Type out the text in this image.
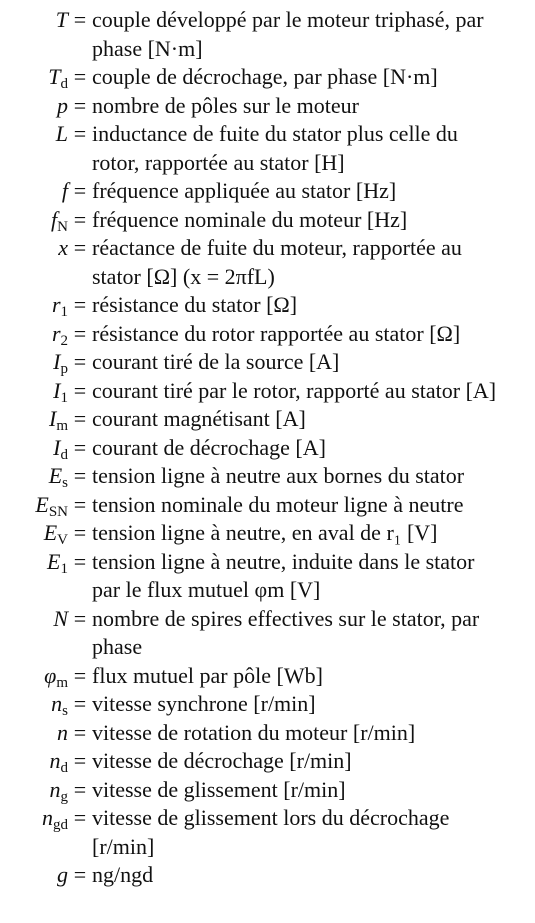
T = couple développé par le moteur triphasé, par
phase [N·m]
$T_d$ = couple de décrochage, par phase [N·m]
p = nombre de pôles sur le moteur
L = inductance de fuite du stator plus celle du
rotor, rapportée au stator [H]
f = fréquence appliquée au stator [Hz]
$f_N$ = fréquence nominale du moteur [Hz]
x = réactance de fuite du moteur, rapportée au
stator [Ω] (x = 2πfL)
$r_1$ = résistance du stator [Ω]
$r_2$ = résistance du rotor rapportée au stator [Ω]
$I_p$ = courant tiré de la source [A]
$I_1$ = courant tiré par le rotor, rapporté au stator [A]
$I_m$ = courant magnétisant [A]
$I_d$ = courant de décrochage [A]
$E_s$ = tension ligne à neutre aux bornes du stator
$E_{SN}$ = tension nominale du moteur ligne à neutre
$E_V$ = tension ligne à neutre, en aval de r₁ [V]
$E_1$ = tension ligne à neutre, induite dans le stator
par le flux mutuel φm [V]
N = nombre de spires effectives sur le stator, par
phase
$\varphi_m$ = flux mutuel par pôle [Wb]
$n_s$ = vitesse synchrone [r/min]
n = vitesse de rotation du moteur [r/min]
$n_d$ = vitesse de décrochage [r/min]
$n_g$ = vitesse de glissement [r/min]
$n_{gd}$ = vitesse de glissement lors du décrochage
[r/min]
g = ng/ngd
